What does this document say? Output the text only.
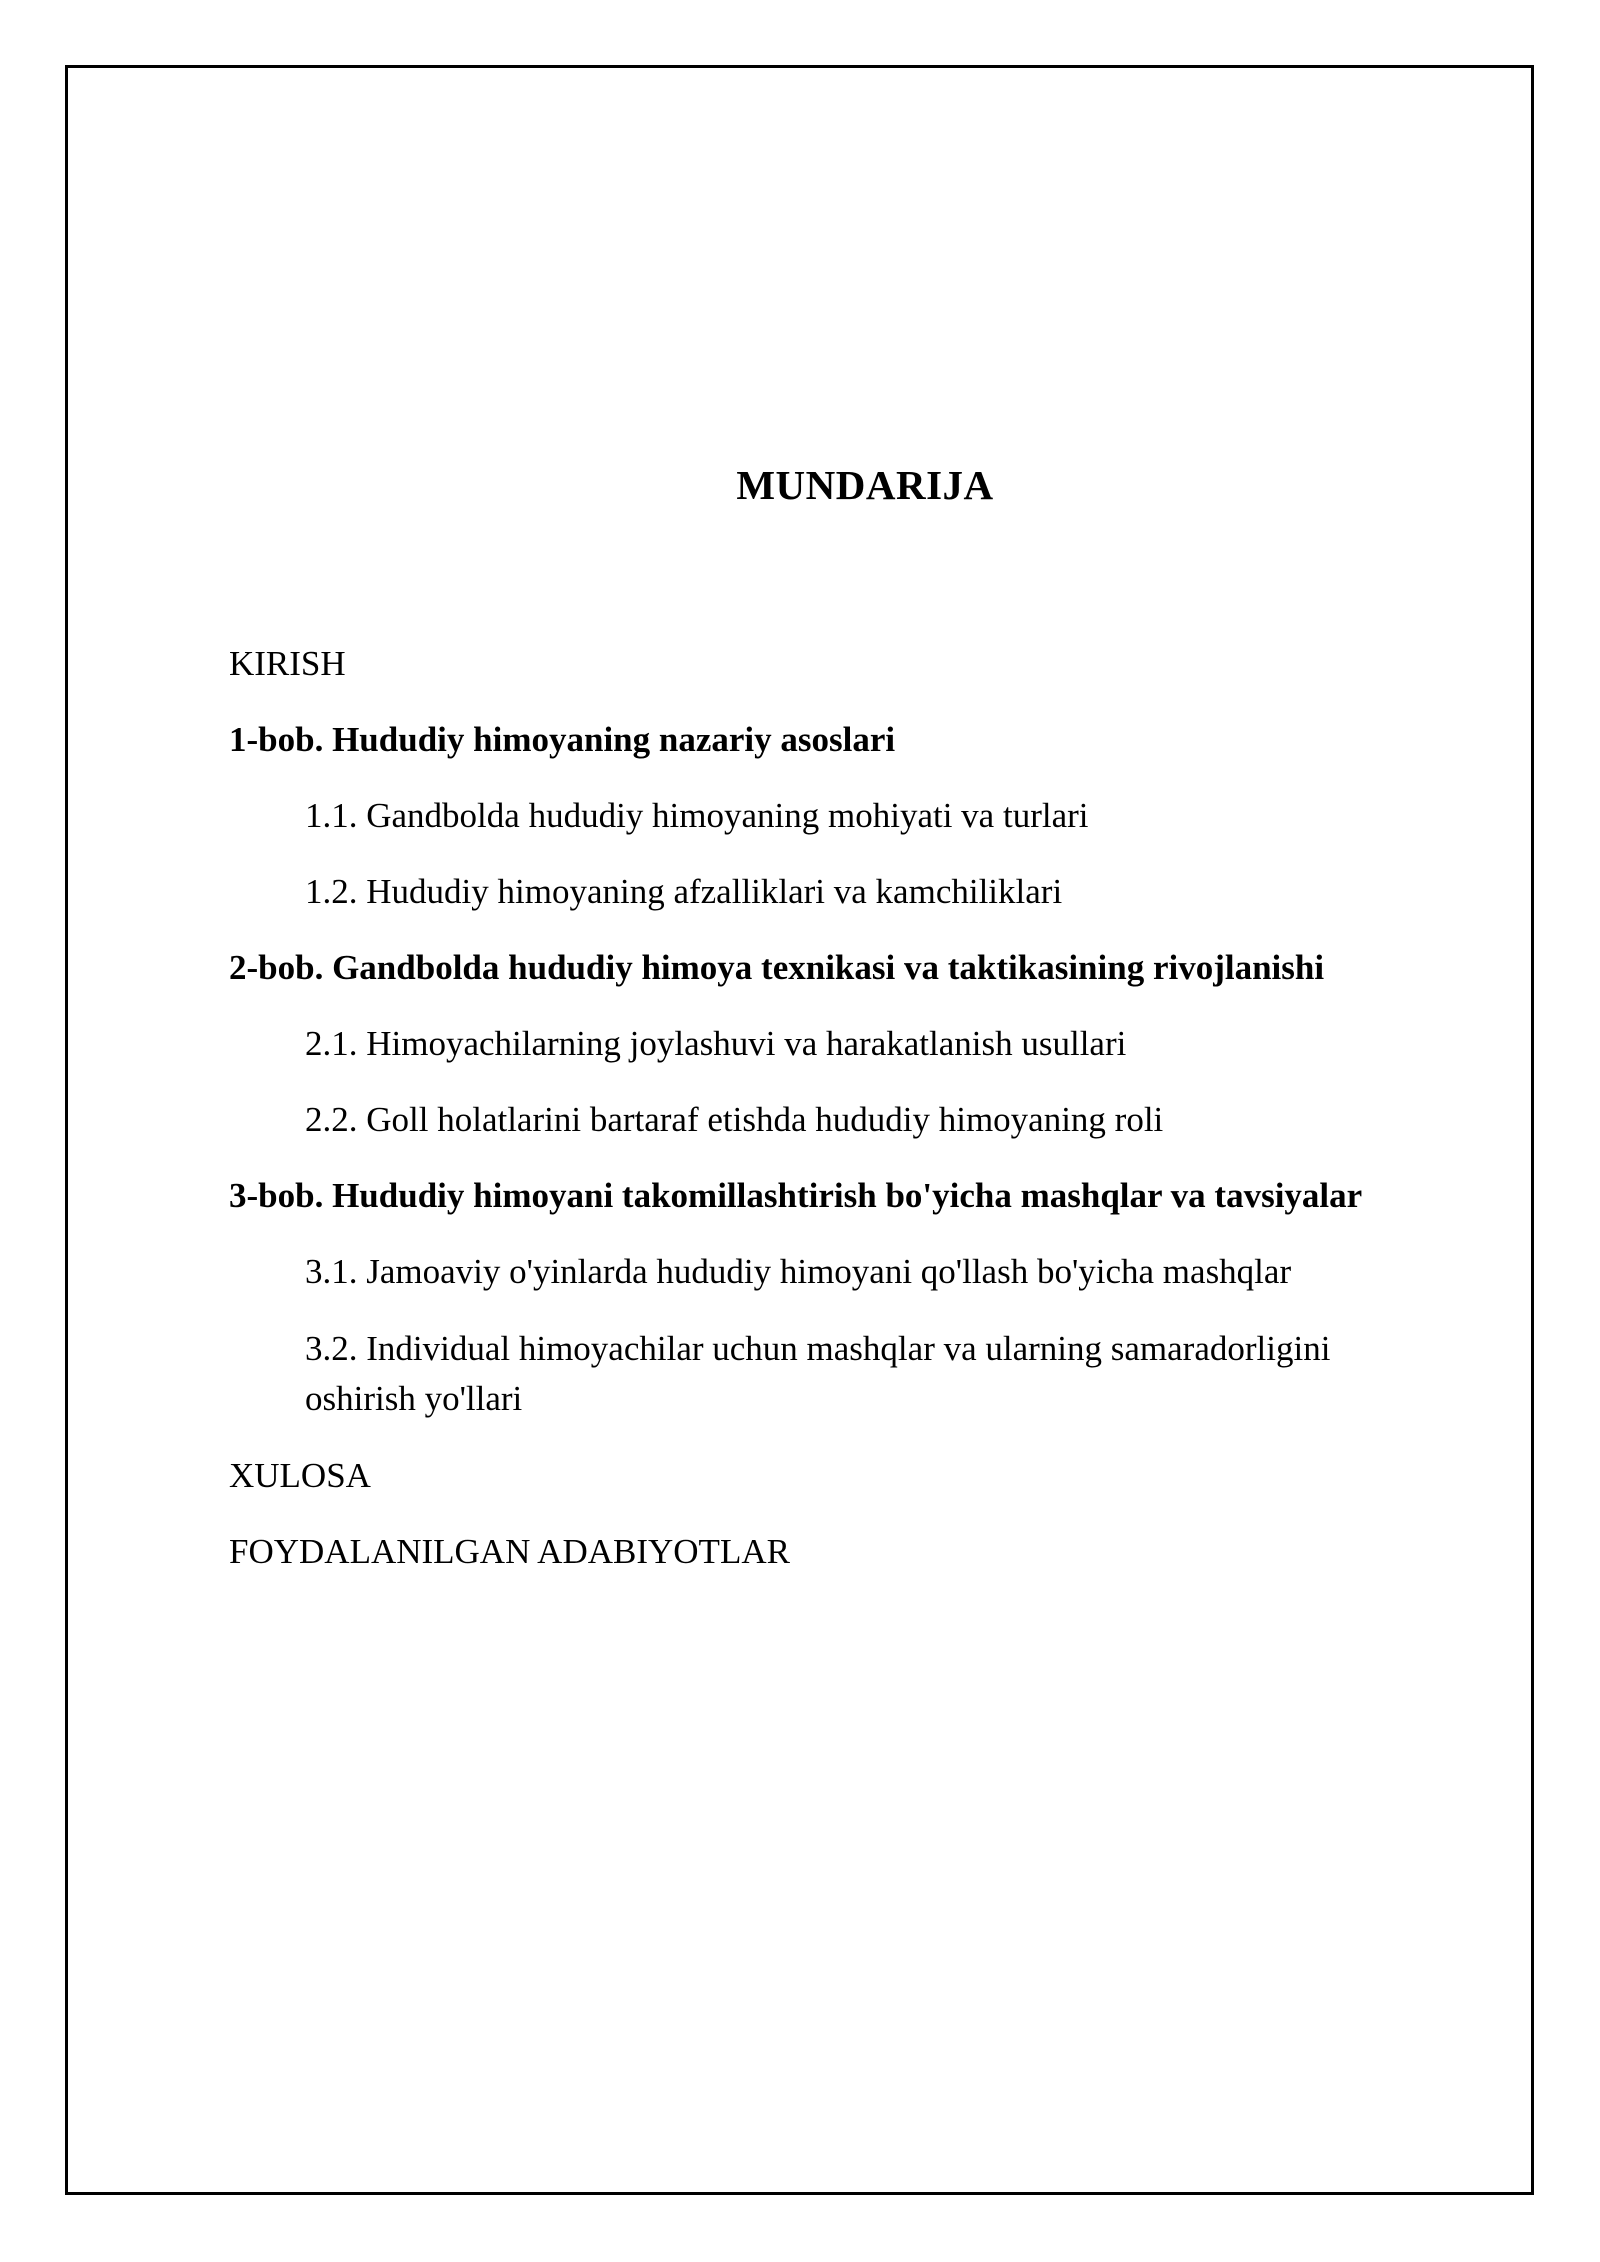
MUNDARIJA

KIRISH

1-bob. Hududiy himoyaning nazariy asoslari

1.1. Gandbolda hududiy himoyaning mohiyati va turlari

1.2. Hududiy himoyaning afzalliklari va kamchiliklari

2-bob. Gandbolda hududiy himoya texnikasi va taktikasining rivojlanishi

2.1. Himoyachilarning joylashuvi va harakatlanish usullari

2.2. Goll holatlarini bartaraf etishda hududiy himoyaning roli

3-bob. Hududiy himoyani takomillashtirish bo'yicha mashqlar va tavsiyalar

3.1. Jamoaviy o'yinlarda hududiy himoyani qo'llash bo'yicha mashqlar

3.2. Individual himoyachilar uchun mashqlar va ularning samaradorligini oshirish yo'llari

XULOSA

FOYDALANILGAN ADABIYOTLAR
